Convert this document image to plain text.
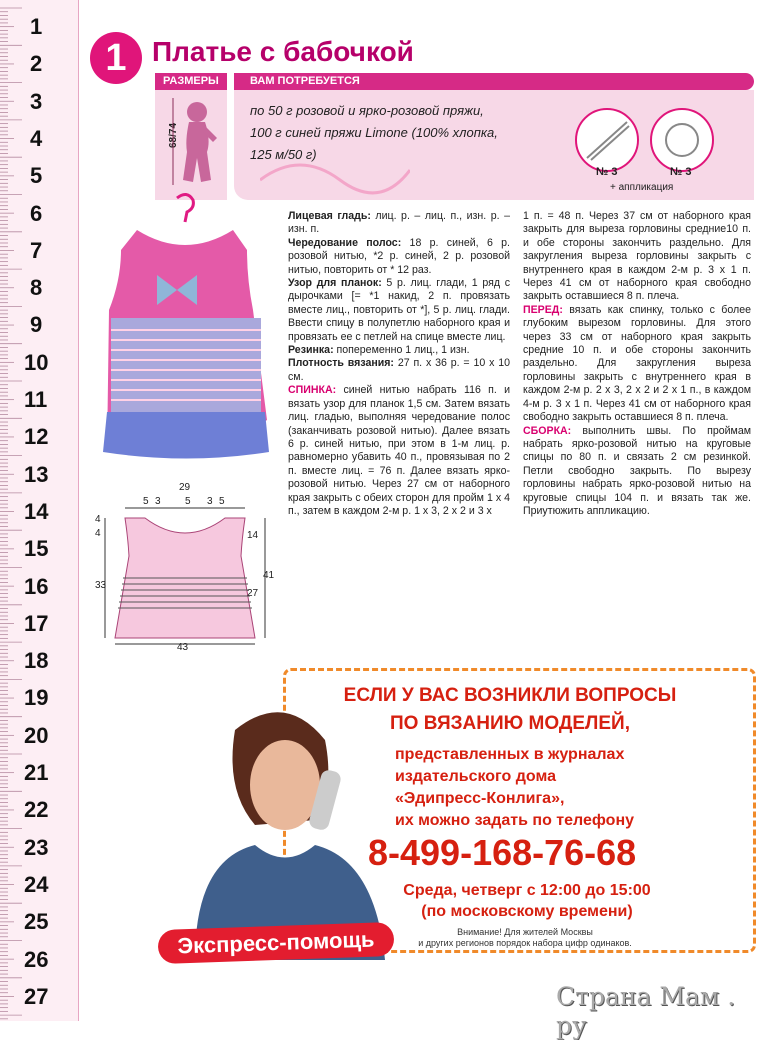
1
2
3
4
5
6
7
8
9
10
11
12
13
14
15
16
17
18
19
20
21
22
23
24
25
26
27
1 Платье с бабочкой
РАЗМЕРЫ
68/74
ВАМ ПОТРЕБУЕТСЯ
по 50 г розовой и ярко-розовой пряжи,
100 г синей пряжи Limone (100% хлопка,
125 м/50 г)
№ 3	№ 3
+ аппликация
29
5 3 5 3 5
4
4
33
14
27
41
43

Лицевая гладь: лиц. р. – лиц. п., изн. р. – изн. п.

Чередование полос: 18 р. синей, 6 р. розовой нитью, *2 р. синей, 2 р. розовой нитью, повторить от * 12 раз.

Узор для планок: 5 р. лиц. глади, 1 ряд с дырочками [= *1 накид, 2 п. провязать вместе лиц., повторить от *], 5 р. лиц. глади. Ввести спицу в полупетлю наборного края и провязать ее с петлей на спице вместе лиц.

Резинка: попеременно 1 лиц., 1 изн.

Плотность вязания: 27 п. x 36 р. = 10 x 10 см.

СПИНКА: синей нитью набрать 116 п. и вязать узор для планок 1,5 см. Затем вязать лиц. гладью, выполняя чередование полос (заканчивать розовой нитью). Далее вязать 6 р. синей нитью, при этом в 1-м лиц. р. равномерно убавить 40 п., провязывая по 2 п. вместе лиц. = 76 п. Далее вязать ярко-розовой нитью. Через 27 см от наборного края закрыть с обеих сторон для пройм 1 x 4 п., затем в каждом 2-м р. 1 x 3, 2 x 2 и 3 x

1 п. = 48 п. Через 37 см от наборного края закрыть для выреза горловины средние10 п. и обе стороны закончить раздельно. Для закругления выреза горловины закрыть с внутреннего края в каждом 2-м р. 3 x 1 п. Через 41 см от наборного края свободно закрыть оставшиеся 8 п. плеча.

ПЕРЕД: вязать как спинку, только с более глубоким вырезом горловины. Для этого через 33 см от наборного края закрыть средние 10 п. и обе стороны закончить раздельно. Для закругления выреза горловины закрыть с внутреннего края в каждом 2-м р. 2 x 3, 2 x 2 и 2 x 1 п., в каждом 4-м р. 3 x 1 п. Через 41 см от наборного края свободно закрыть оставшиеся 8 п. плеча.

СБОРКА: выполнить швы. По проймам набрать ярко-розовой нитью на круговые спицы по 80 п. и связать 2 см резинкой. Петли свободно закрыть. По вырезу горловины набрать ярко-розовой нитью на круговые спицы 104 п. и вязать так же. Приутюжить аппликацию.

ЕСЛИ У ВАС ВОЗНИКЛИ ВОПРОСЫ
ПО ВЯЗАНИЮ МОДЕЛЕЙ,
представленных в журналах
издательского дома
«Эдипресс-Конлига»,
их можно задать по телефону
8-499-168-76-68
Среда, четверг с 12:00 до 15:00
(по московскому времени)
Внимание! Для жителей Москвы
и других регионов порядок набора цифр одинаков.
Экспресс-помощь
Страна Мам . ру
